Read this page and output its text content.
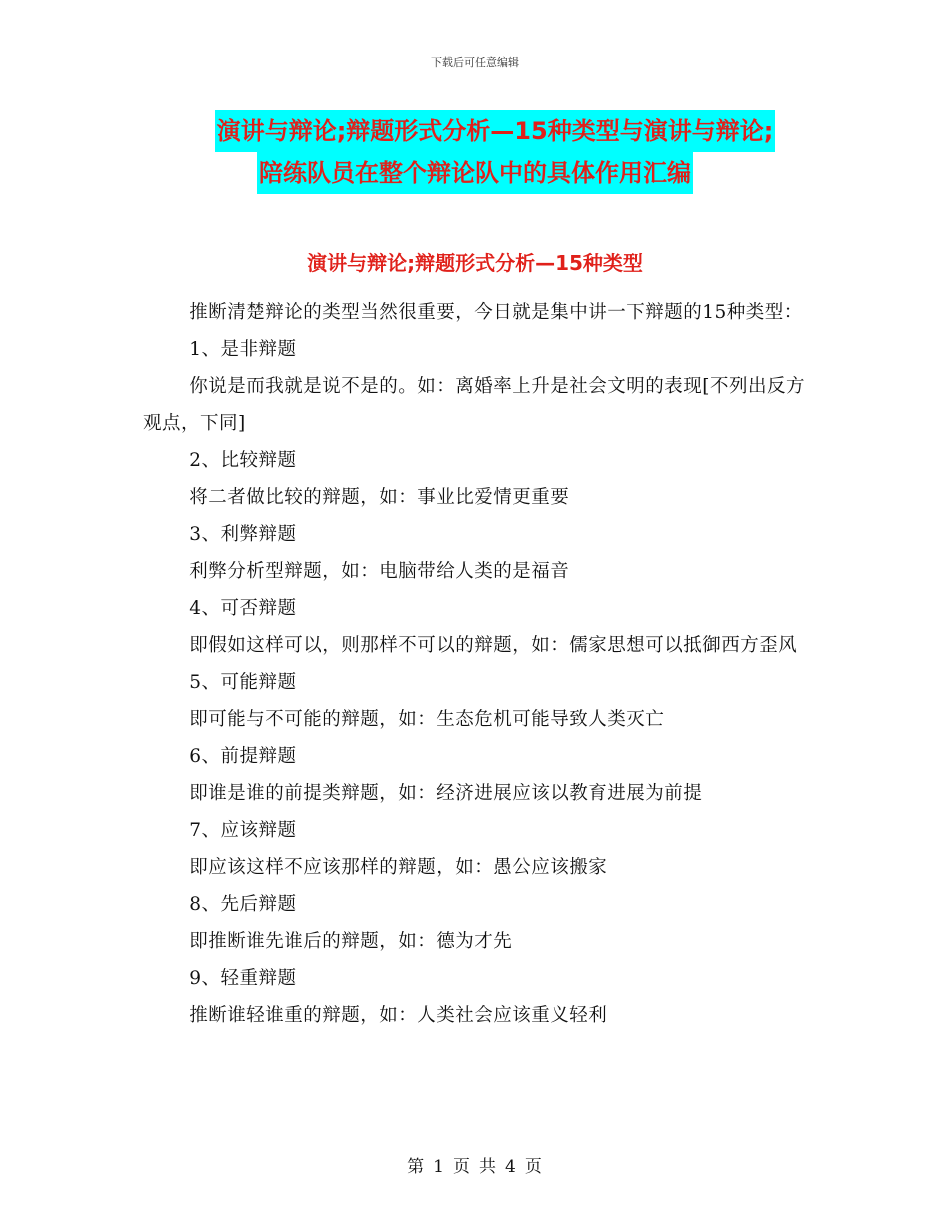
下载后可任意编辑
演讲与辩论;辩题形式分析—15种类型与演讲与辩论;
陪练队员在整个辩论队中的具体作用汇编
演讲与辩论;辩题形式分析—15种类型

推断清楚辩论的类型当然很重要，今日就是集中讲一下辩题的15种类型：

1、是非辩题

你说是而我就是说不是的。如：离婚率上升是社会文明的表现[不列出反方观点，下同]

2、比较辩题

将二者做比较的辩题，如：事业比爱情更重要

3、利弊辩题

利弊分析型辩题，如：电脑带给人类的是福音

4、可否辩题

即假如这样可以，则那样不可以的辩题，如：儒家思想可以抵御西方歪风

5、可能辩题

即可能与不可能的辩题，如：生态危机可能导致人类灭亡

6、前提辩题

即谁是谁的前提类辩题，如：经济进展应该以教育进展为前提

7、应该辩题

即应该这样不应该那样的辩题，如：愚公应该搬家

8、先后辩题

即推断谁先谁后的辩题，如：德为才先

9、轻重辩题

推断谁轻谁重的辩题，如：人类社会应该重义轻利

第 1 页 共 4 页
